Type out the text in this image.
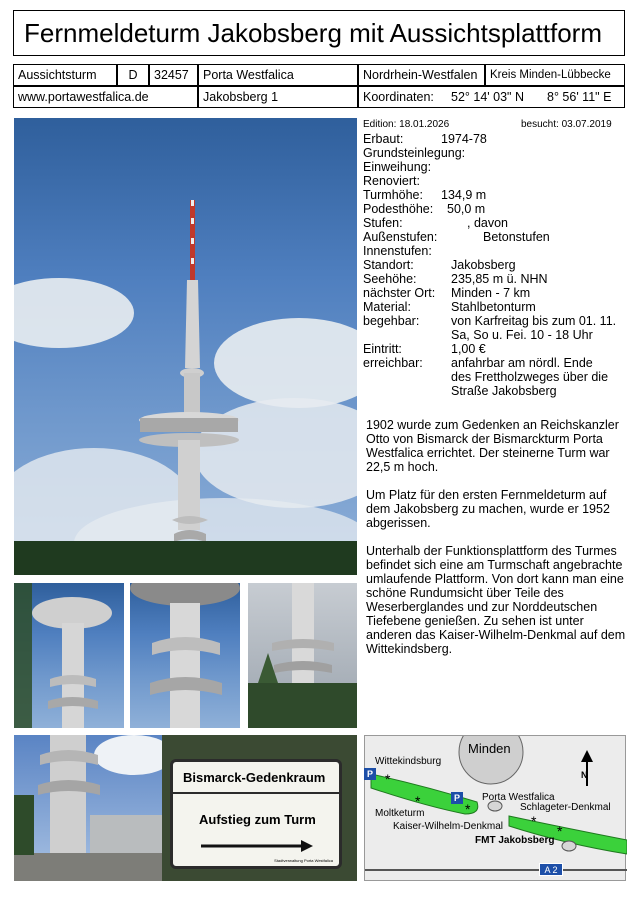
Fernmeldeturm Jakobsberg mit Aussichtsplattform
Aussichtsturm	D	32457	Porta Westfalica	Nordrhein-Westfalen	Kreis Minden-Lübbecke
www.portawestfalica.de	Jakobsberg 1	Koordinaten: 52° 14' 03" N 8° 56' 11" E
Bismarck-Gedenkraum
Aufstieg zum Turm
Stadtverwaltung Porta Westfalica
Edition: 18.01.2026	besucht: 03.07.2019
Erbaut:	1974-78
Grundsteinlegung:
Einweihung:
Renoviert:
Turmhöhe: 134,9 m
Podesthöhe: 50,0 m
Stufen:	, davon
Außenstufen:	Betonstufen
Innenstufen:
Standort:	Jakobsberg
Seehöhe:	235,85 m ü. NHN
nächster Ort: Minden - 7 km
Material:	Stahlbetonturm
begehbar:	von Karfreitag bis zum 01. 11.
Sa, So u. Fei. 10 - 18 Uhr
Eintritt:	1,00 €
erreichbar: anfahrbar am nördl. Ende
des Frettholzweges über die
Straße Jakobsberg

1902 wurde zum Gedenken an Reichskanzler Otto von Bismarck der Bismarckturm Porta Westfalica errichtet. Der steinerne Turm war 22,5 m hoch.

Um Platz für den ersten Fernmeldeturm auf dem Jakobsberg zu machen, wurde er 1952 abgerissen.

Unterhalb der Funktionsplattform des Turmes befindet sich eine am Turmschaft angebrachte umlaufende Plattform. Von dort kann man eine schöne Rundumsicht über Teile des Weserberglandes und zur Norddeutschen Tiefebene genießen. Zu sehen ist unter anderen das Kaiser-Wilhelm-Denkmal auf dem Wittekindsberg.

*
*	*
*
*
Minden
N
Wittekindsburg
P
P	Porta Westfalica
Schlageter-Denkmal
Moltketurm
Kaiser-Wilhelm-Denkmal
FMT Jakobsberg
A 2
